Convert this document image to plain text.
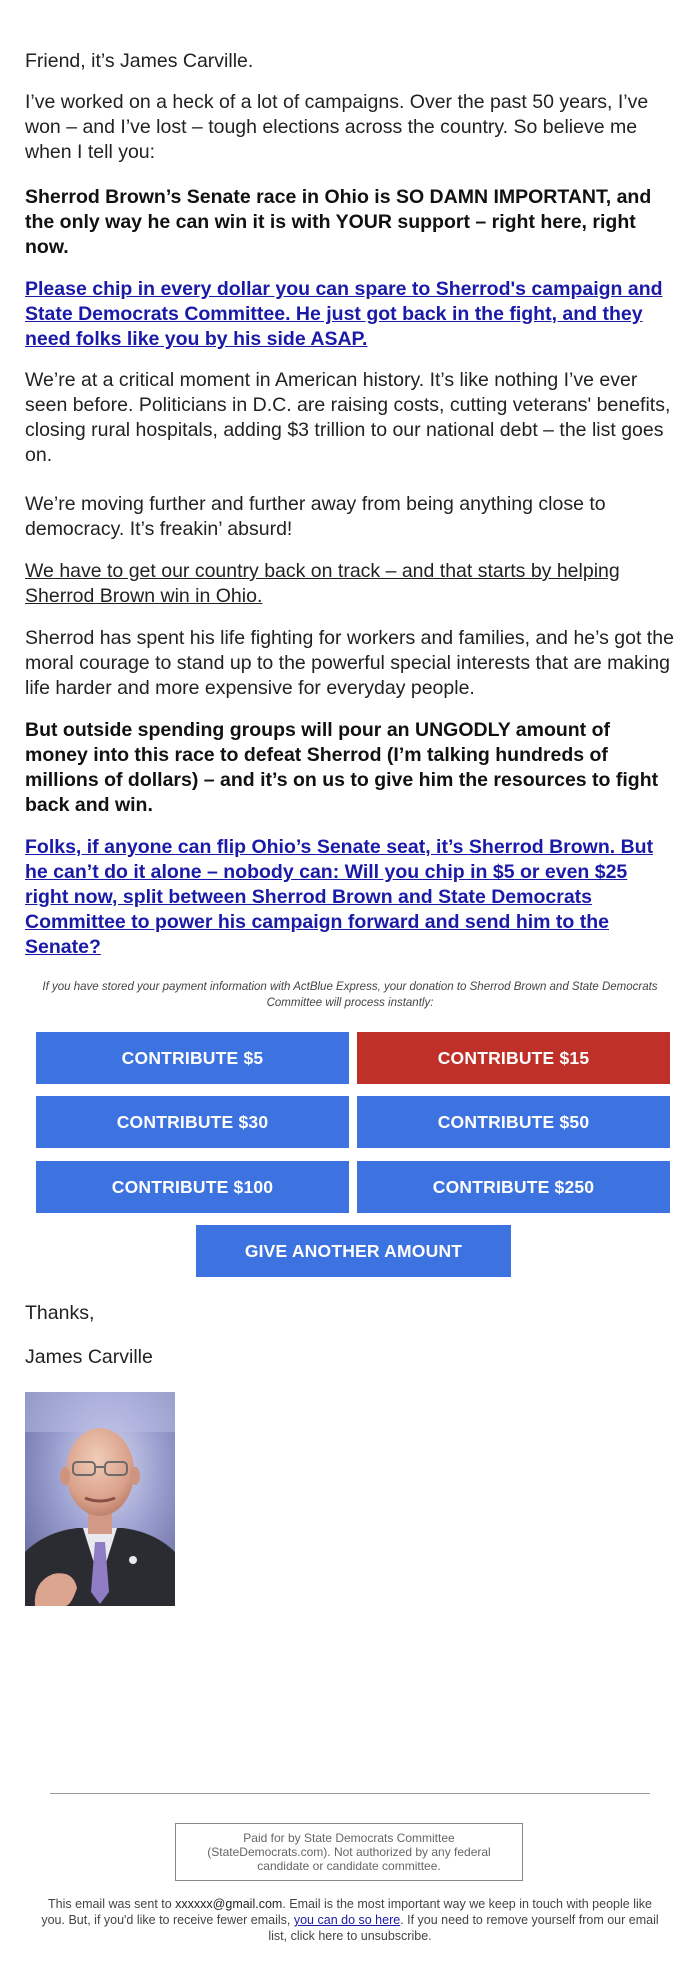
Friend, it’s James Carville.

I’ve worked on a heck of a lot of campaigns. Over the past 50 years, I’ve won – and I’ve lost – tough elections across the country. So believe me when I tell you:

Sherrod Brown’s Senate race in Ohio is SO DAMN IMPORTANT, and the only way he can win it is with YOUR support – right here, right now.

Please chip in every dollar you can spare to Sherrod's campaign and State Democrats Committee. He just got back in the fight, and they need folks like you by his side ASAP.

We’re at a critical moment in American history. It’s like nothing I’ve ever seen before. Politicians in D.C. are raising costs, cutting veterans' benefits, closing rural hospitals, adding $3 trillion to our national debt – the list goes on.

We’re moving further and further away from being anything close to democracy. It’s freakin’ absurd!

We have to get our country back on track – and that starts by helping Sherrod Brown win in Ohio.

Sherrod has spent his life fighting for workers and families, and he’s got the moral courage to stand up to the powerful special interests that are making life harder and more expensive for everyday people.

But outside spending groups will pour an UNGODLY amount of money into this race to defeat Sherrod (I’m talking hundreds of millions of dollars) – and it’s on us to give him the resources to fight back and win.

Folks, if anyone can flip Ohio’s Senate seat, it’s Sherrod Brown. But he can’t do it alone – nobody can: Will you chip in $5 or even $25 right now, split between Sherrod Brown and State Democrats Committee to power his campaign forward and send him to the Senate?

If you have stored your payment information with ActBlue Express, your donation to Sherrod Brown and State Democrats Committee will process instantly:

CONTRIBUTE $5	CONTRIBUTE $15
CONTRIBUTE $30	CONTRIBUTE $50
CONTRIBUTE $100	CONTRIBUTE $250
GIVE ANOTHER AMOUNT

Thanks,

James Carville

Paid for by State Democrats Committee (StateDemocrats.com). Not authorized by any federal candidate or candidate committee.
This email was sent to xxxxxx@gmail.com. Email is the most important way we keep in touch with people like you. But, if you'd like to receive fewer emails, you can do so here. If you need to remove yourself from our email list, click here to unsubscribe.
